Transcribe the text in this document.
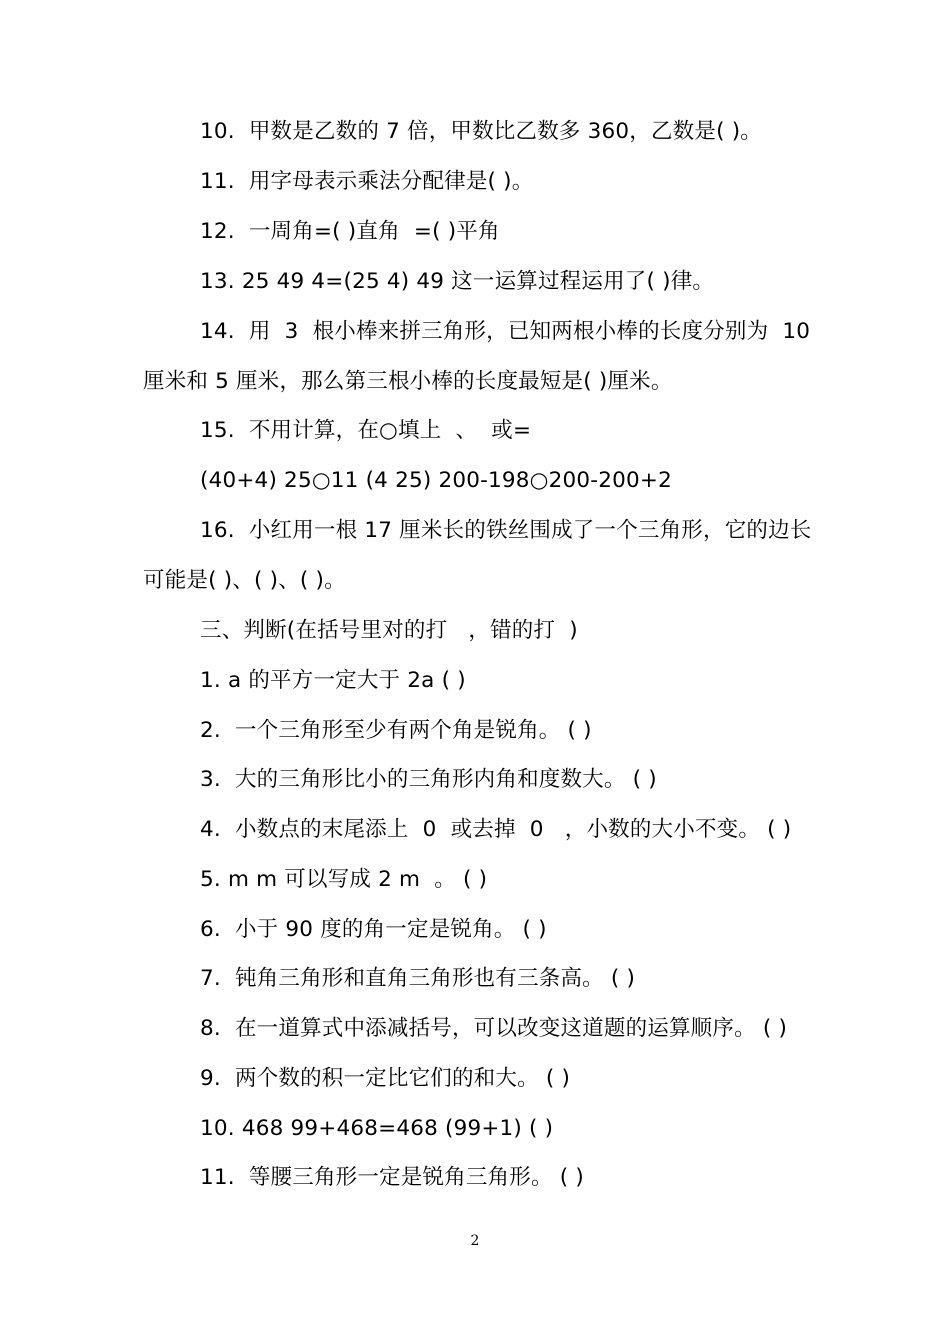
10.  甲数是乙数的 7 倍，甲数比乙数多 360，乙数是( )。
11.  用字母表示乘法分配律是( )。
12.  一周角=( )直角  =( )平角
13. 25 49 4=(25 4) 49 这一运算过程运用了( )律。
14.  用  3  根小棒来拼三角形，已知两根小棒的长度分别为  10
厘米和 5 厘米，那么第三根小棒的长度最短是( )厘米。
15.  不用计算，在○填上  、  或=
(40+4) 25○11 (4 25) 200-198○200-200+2
16.  小红用一根 17 厘米长的铁丝围成了一个三角形，它的边长
可能是( )、( )、( )。
三、判断(在括号里对的打   ，错的打  )
1. a 的平方一定大于 2a ( )
2.  一个三角形至少有两个角是锐角。 ( )
3.  大的三角形比小的三角形内角和度数大。 ( )
4.  小数点的末尾添上  0  或去掉  0   ，小数的大小不变。 ( )
5. m m 可以写成 2 m  。 ( )
6.  小于 90 度的角一定是锐角。 ( )
7.  钝角三角形和直角三角形也有三条高。 ( )
8.  在一道算式中添减括号，可以改变这道题的运算顺序。 ( )
9.  两个数的积一定比它们的和大。 ( )
10. 468 99+468=468 (99+1) ( )
11.  等腰三角形一定是锐角三角形。 ( )
2
